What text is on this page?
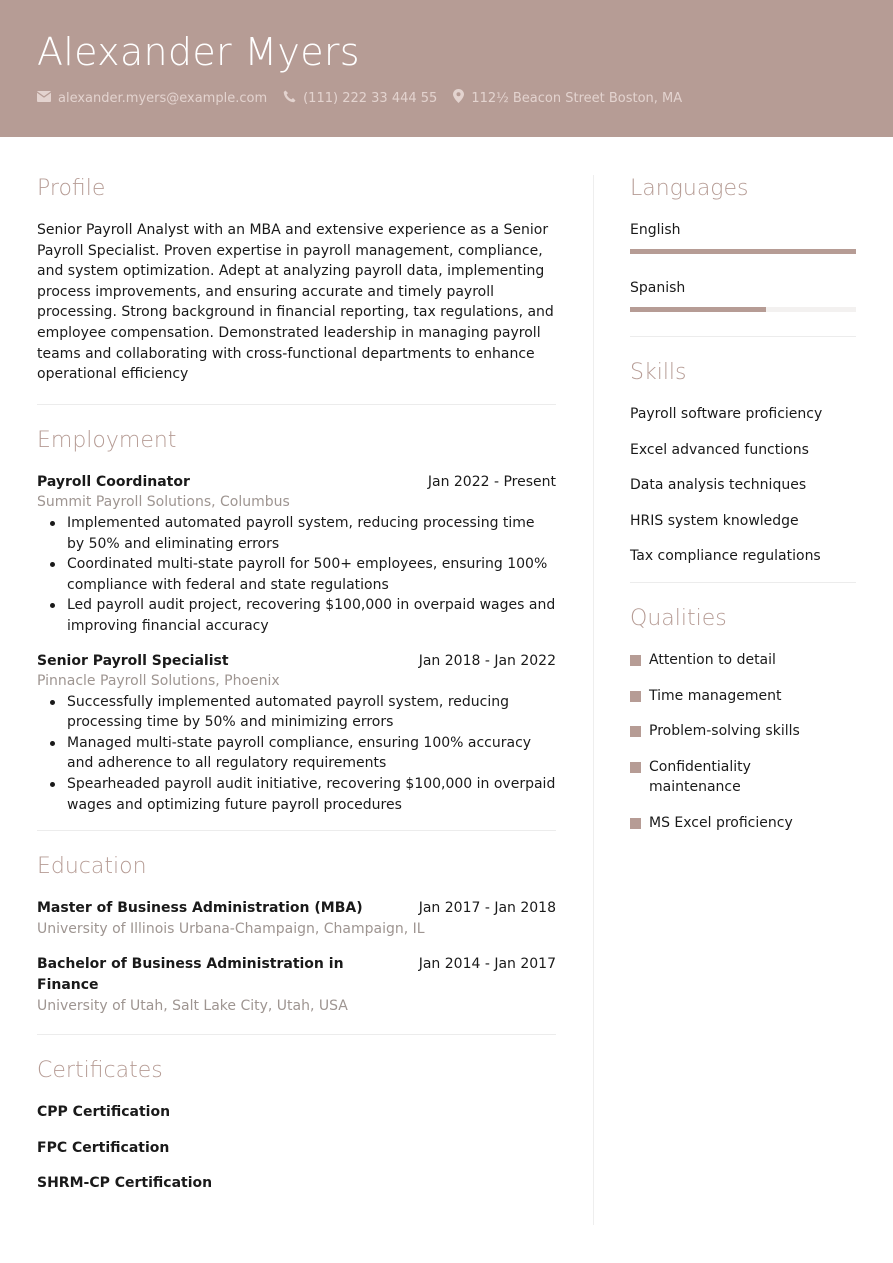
Alexander Myers
alexander.myers@example.com	(111) 222 33 444 55	112½ Beacon Street Boston, MA
Profile

Senior Payroll Analyst with an MBA and extensive experience as a Senior Payroll Specialist. Proven expertise in payroll management, compliance, and system optimization. Adept at analyzing payroll data, implementing process improvements, and ensuring accurate and timely payroll processing. Strong background in financial reporting, tax regulations, and employee compensation. Demonstrated leadership in managing payroll teams and collaborating with cross-functional departments to enhance operational efficiency

Employment
Payroll Coordinator	Jan 2022 - Present
Summit Payroll Solutions, Columbus
Implemented automated payroll system, reducing processing time by 50% and eliminating errors
Coordinated multi-state payroll for 500+ employees, ensuring 100% compliance with federal and state regulations
Led payroll audit project, recovering $100,000 in overpaid wages and improving financial accuracy
Senior Payroll Specialist	Jan 2018 - Jan 2022
Pinnacle Payroll Solutions, Phoenix
Successfully implemented automated payroll system, reducing processing time by 50% and minimizing errors
Managed multi-state payroll compliance, ensuring 100% accuracy and adherence to all regulatory requirements
Spearheaded payroll audit initiative, recovering $100,000 in overpaid wages and optimizing future payroll procedures
Education
Master of Business Administration (MBA)	Jan 2017 - Jan 2018
University of Illinois Urbana-Champaign, Champaign, IL
Bachelor of Business Administration in Finance
Jan 2014 - Jan 2017
University of Utah, Salt Lake City, Utah, USA
Certificates
CPP Certification
FPC Certification
SHRM-CP Certification
Languages
English
Spanish
Skills
Payroll software proficiency
Excel advanced functions
Data analysis techniques
HRIS system knowledge
Tax compliance regulations
Qualities
Attention to detail
Time management
Problem-solving skills
Confidentiality maintenance
MS Excel proficiency
